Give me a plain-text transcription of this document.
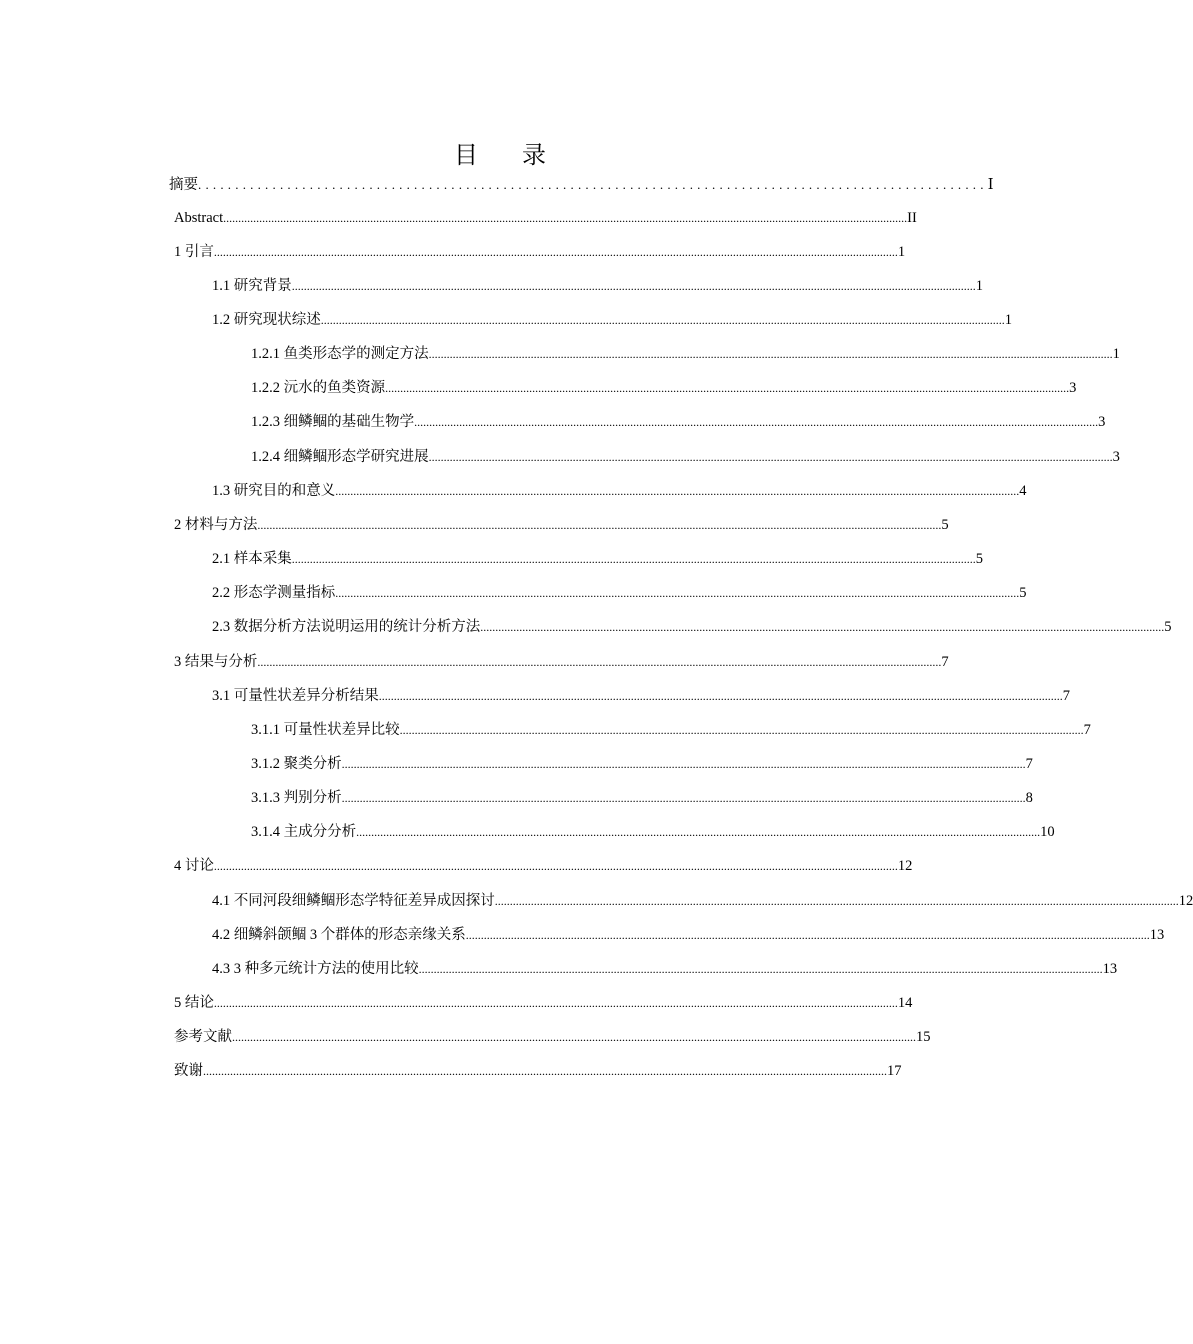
目录
摘要 .......................................................................................................... Ⅰ
Abstract .................................................................................................................................................................................................................................... II
1 引言 .................................................................................................................................................................................................................................... 1
1.1 研究背景 .................................................................................................................................................................................................................................... 1
1.2 研究现状综述 .................................................................................................................................................................................................................................... 1
1.2.1 鱼类形态学的测定方法 .................................................................................................................................................................................................................................... 1
1.2.2 沅水的鱼类资源 .................................................................................................................................................................................................................................... 3
1.2.3 细鳞鲴的基础生物学 .................................................................................................................................................................................................................................... 3
1.2.4 细鳞鲴形态学研究进展 .................................................................................................................................................................................................................................... 3
1.3 研究目的和意义 .................................................................................................................................................................................................................................... 4
2 材料与方法 .................................................................................................................................................................................................................................... 5
2.1 样本采集 .................................................................................................................................................................................................................................... 5
2.2 形态学测量指标 .................................................................................................................................................................................................................................... 5
2.3 数据分析方法说明运用的统计分析方法 .................................................................................................................................................................................................................................... 5
3 结果与分析 .................................................................................................................................................................................................................................... 7
3.1 可量性状差异分析结果 .................................................................................................................................................................................................................................... 7
3.1.1 可量性状差异比较 .................................................................................................................................................................................................................................... 7
3.1.2 聚类分析 .................................................................................................................................................................................................................................... 7
3.1.3 判别分析 .................................................................................................................................................................................................................................... 8
3.1.4 主成分分析 .................................................................................................................................................................................................................................... 10
4 讨论 .................................................................................................................................................................................................................................... 12
4.1 不同河段细鳞鲴形态学特征差异成因探讨 .................................................................................................................................................................................................................................... 12
4.2 细鳞斜颌鲴 3 个群体的形态亲缘关系 .................................................................................................................................................................................................................................... 13
4.3 3 种多元统计方法的使用比较 .................................................................................................................................................................................................................................... 13
5 结论 .................................................................................................................................................................................................................................... 14
参考文献 .................................................................................................................................................................................................................................... 15
致谢 .................................................................................................................................................................................................................................... 17
